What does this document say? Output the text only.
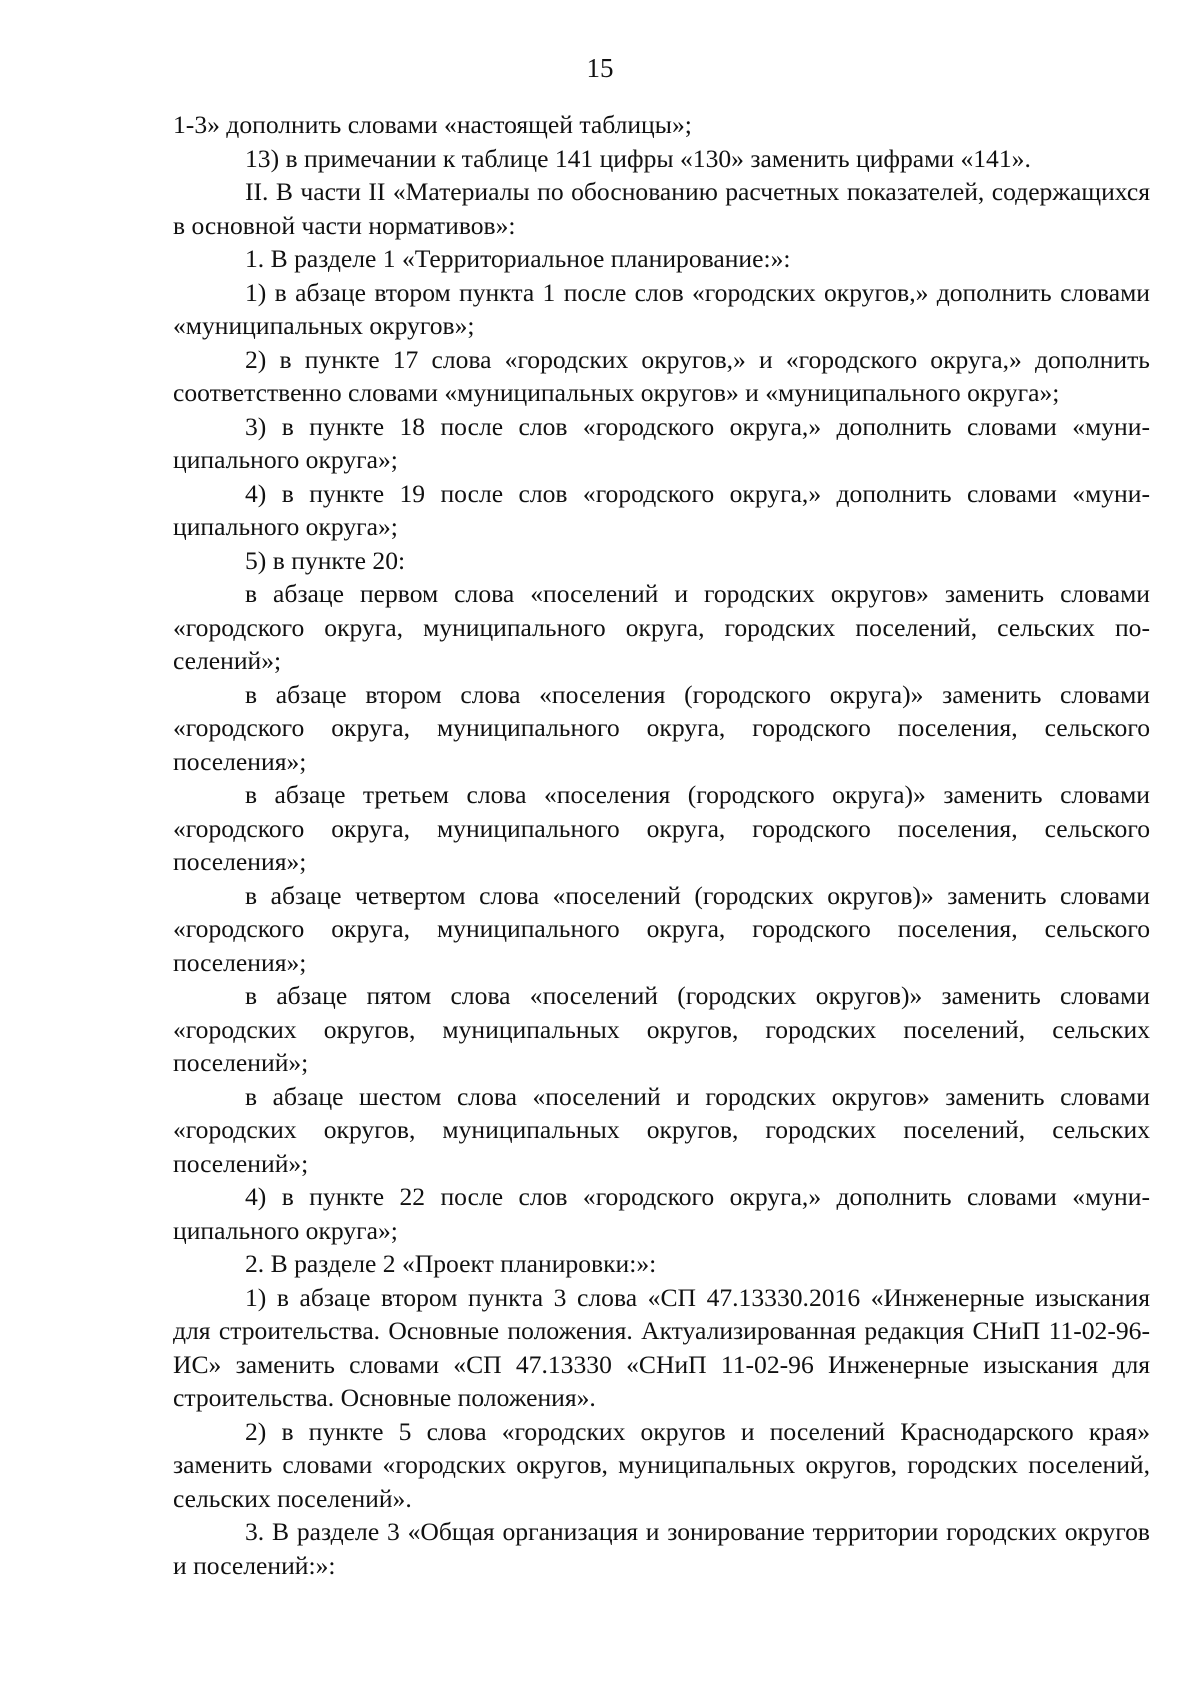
15

1-3» дополнить словами «настоящей таблицы»;

13) в примечании к таблице 141 цифры «130» заменить цифрами «141».

II. В части II «Материалы по обоснованию расчетных показателей, содержащихся в основной части нормативов»:

1. В разделе 1 «Территориальное планирование:»:

1) в абзаце втором пункта 1 после слов «городских округов,» дополнить словами «муниципальных округов»;

2) в пункте 17 слова «городских округов,» и «городского округа,» дополнить соответственно словами «муниципальных округов» и «муниципального округа»;

3) в пункте 18 после слов «городского округа,» дополнить словами «муниципального округа»;

4) в пункте 19 после слов «городского округа,» дополнить словами «муниципального округа»;

5) в пункте 20:

в абзаце первом слова «поселений и городских округов» заменить словами «городского округа, муниципального округа, городских поселений, сельских поселений»;

в абзаце втором слова «поселения (городского округа)» заменить словами «городского округа, муниципального округа, городского поселения, сельского поселения»;

в абзаце третьем слова «поселения (городского округа)» заменить словами «городского округа, муниципального округа, городского поселения, сельского поселения»;

в абзаце четвертом слова «поселений (городских округов)» заменить словами «городского округа, муниципального округа, городского поселения, сельского поселения»;

в абзаце пятом слова «поселений (городских округов)» заменить словами «городских округов, муниципальных округов, городских поселений, сельских поселений»;

в абзаце шестом слова «поселений и городских округов» заменить словами «городских округов, муниципальных округов, городских поселений, сельских поселений»;

4) в пункте 22 после слов «городского округа,» дополнить словами «муниципального округа»;

2. В разделе 2 «Проект планировки:»:

1) в абзаце втором пункта 3 слова «СП 47.13330.2016 «Инженерные изыскания для строительства. Основные положения. Актуализированная редакция СНиП 11-02-96-ИС» заменить словами «СП 47.13330 «СНиП 11-02-96 Инженерные изыскания для строительства. Основные положения».

2) в пункте 5 слова «городских округов и поселений Краснодарского края» заменить словами «городских округов, муниципальных округов, городских поселений, сельских поселений».

3. В разделе 3 «Общая организация и зонирование территории городских округов и поселений:»:
